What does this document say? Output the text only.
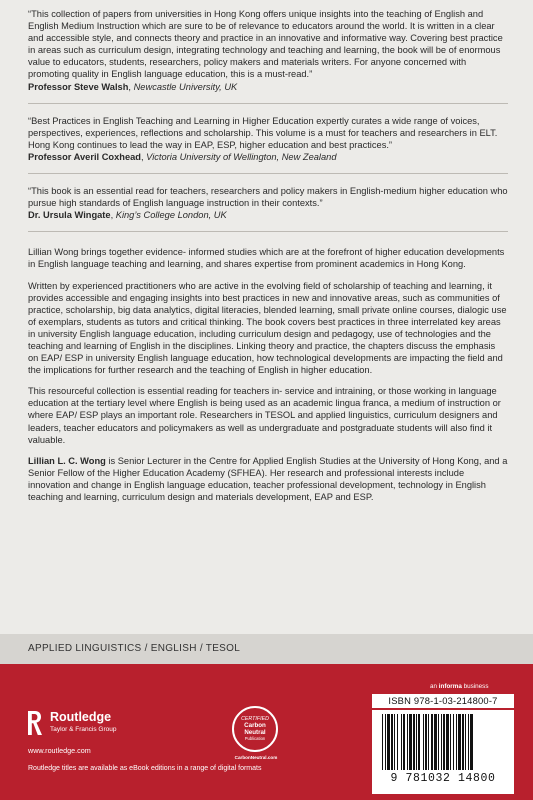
“This collection of papers from universities in Hong Kong offers unique insights into the teaching of English and English Medium Instruction which are sure to be of relevance to educators around the world. It is written in a clear and accessible style, and connects theory and practice in an innovative and informative way. Covering best practice in areas such as curriculum design, integrating technology and teaching and learning, the book will be of enormous value to educators, students, researchers, policy makers and materials writers. For anyone concerned with promoting quality in English language education, this is a must-read.”
Professor Steve Walsh, Newcastle University, UK
“Best Practices in English Teaching and Learning in Higher Education expertly curates a wide range of voices, perspectives, experiences, reflections and scholarship. This volume is a must for teachers and researchers in ELT. Hong Kong continues to lead the way in EAP, ESP, higher education and best practices.”
Professor Averil Coxhead, Victoria University of Wellington, New Zealand
“This book is an essential read for teachers, researchers and policy makers in English-medium higher education who pursue high standards of English language instruction in their contexts.”
Dr. Ursula Wingate, King’s College London, UK

Lillian Wong brings together evidence- informed studies which are at the forefront of higher education developments in English language teaching and learning, and shares expertise from prominent academics in Hong Kong.

Written by experienced practitioners who are active in the evolving field of scholarship of teaching and learning, it provides accessible and engaging insights into best practices in new and innovative areas, such as communities of practice, scholarship, big data analytics, digital literacies, blended learning, small private online courses, dialogic use of exemplars, students as tutors and critical thinking. The book covers best practices in three interrelated key areas in university English language education, including curriculum design and pedagogy, use of technologies and the teaching and learning of English in the disciplines. Linking theory and practice, the chapters discuss the emphasis on EAP/ ESP in university English language education, how technological developments are impacting the field and the implications for further research and the teaching of English in higher education.

This resourceful collection is essential reading for teachers in- service and intraining, or those working in language education at the tertiary level where English is being used as an academic lingua franca, a medium of instruction or where EAP/ ESP plays an important role. Researchers in TESOL and applied linguistics, curriculum designers and leaders, teacher educators and policymakers as well as undergraduate and postgraduate students will also find it valuable.

Lillian L. C. Wong is Senior Lecturer in the Centre for Applied English Studies at the University of Hong Kong, and a Senior Fellow of the Higher Education Academy (SFHEA). Her research and professional interests include innovation and change in English language education, teacher professional development, technology in English teaching and learning, curriculum design and materials development, EAP and ESP.

APPLIED LINGUISTICS / ENGLISH / TESOL
Routledge
Taylor & Francis Group
www.routledge.com
Routledge titles are available as eBook editions in a range of digital formats
CERTIFIED
Carbon Neutral
Publication
CarbonNeutral.com
an informa business
ISBN 978-1-03-214800-7
9 781032 14800
